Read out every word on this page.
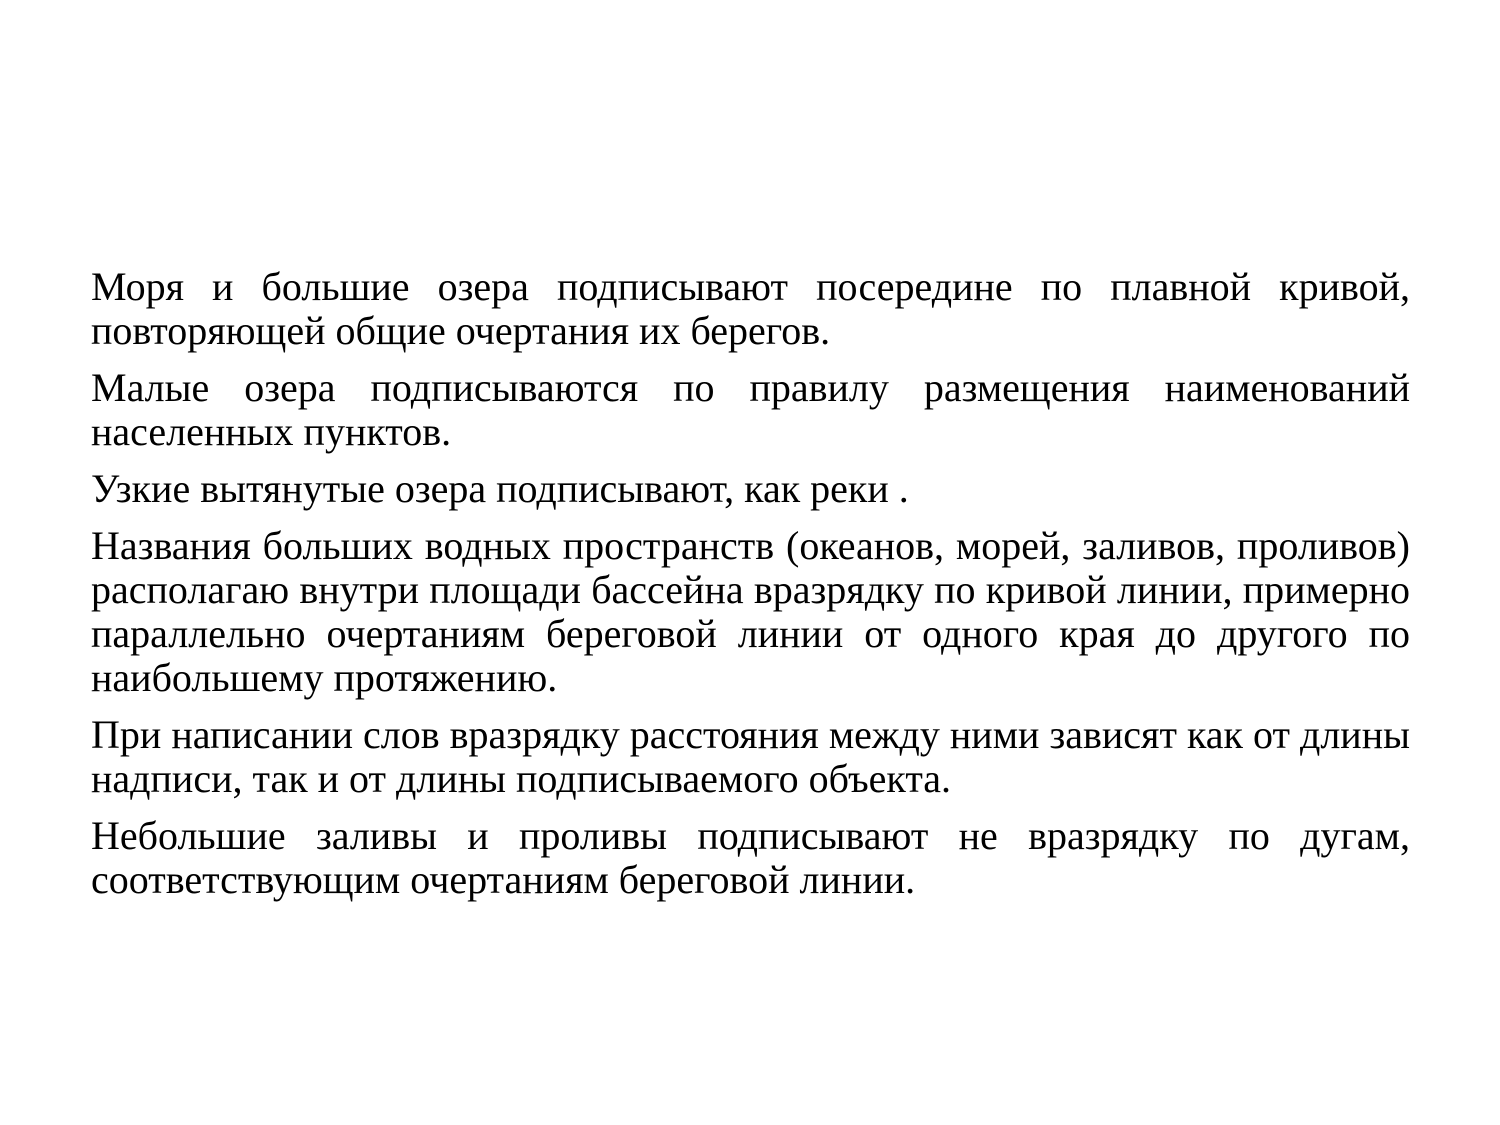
Моря и большие озера подписывают посередине по плавной кривой, повторяющей общие очертания их берегов.

Малые озера подписываются по правилу размещения наименований населенных пунктов.

Узкие вытянутые озера подписывают, как реки .

Названия больших водных пространств (океанов, морей, заливов, проливов) располагаю внутри площади бассейна вразрядку по кривой линии, примерно параллельно очертаниям береговой линии от одного края до другого по наибольшему протяжению.

При написании слов вразрядку расстояния между ними зависят как от длины надписи, так и от длины подписываемого объекта.

Небольшие заливы и проливы подписывают не вразрядку по дугам, соответствующим очертаниям береговой линии.
